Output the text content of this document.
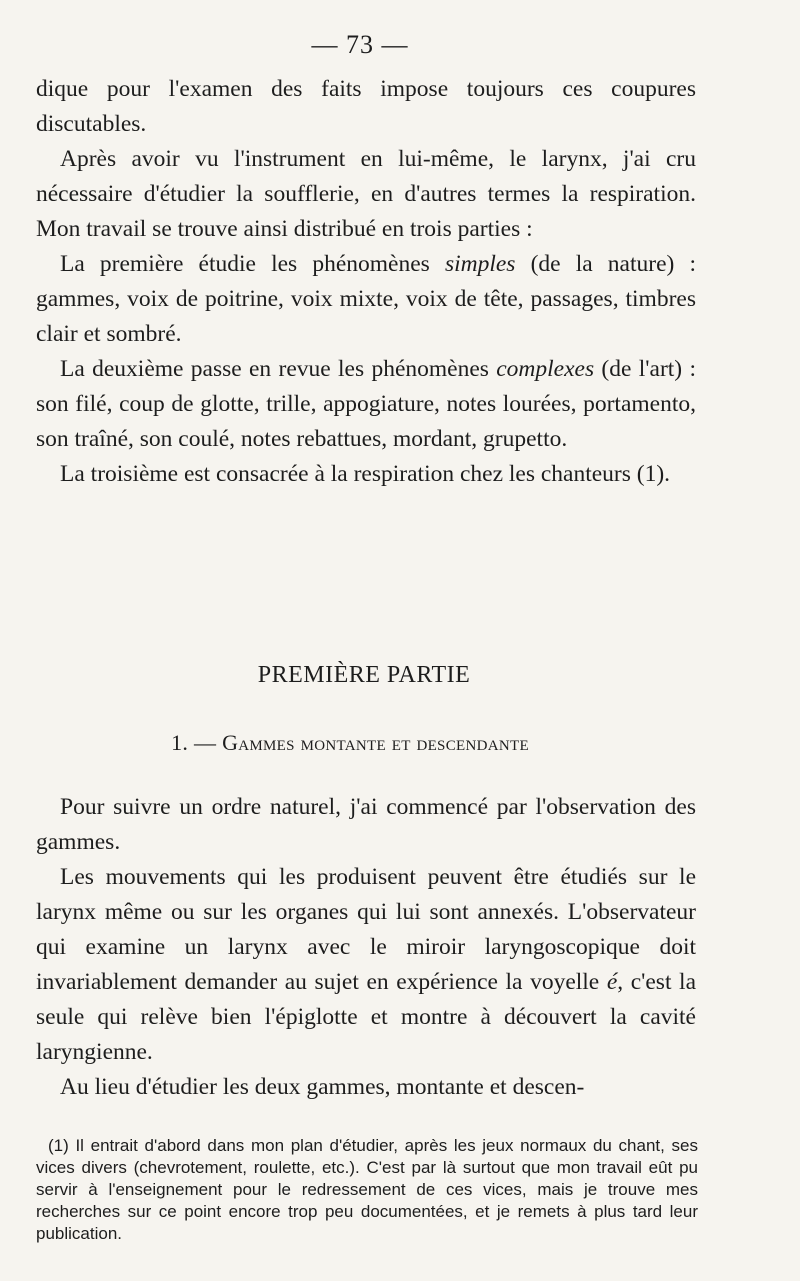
— 73 —

dique pour l'examen des faits impose toujours ces coupures discutables.

Après avoir vu l'instrument en lui-même, le larynx, j'ai cru nécessaire d'étudier la soufflerie, en d'autres termes la respiration. Mon travail se trouve ainsi distribué en trois parties :

La première étudie les phénomènes simples (de la nature) : gammes, voix de poitrine, voix mixte, voix de tête, passages, timbres clair et sombré.

La deuxième passe en revue les phénomènes complexes (de l'art) : son filé, coup de glotte, trille, appogiature, notes lourées, portamento, son traîné, son coulé, notes rebattues, mordant, grupetto.

La troisième est consacrée à la respiration chez les chanteurs (1).

PREMIÈRE PARTIE
1. — Gammes montante et descendante

Pour suivre un ordre naturel, j'ai commencé par l'observation des gammes.

Les mouvements qui les produisent peuvent être étudiés sur le larynx même ou sur les organes qui lui sont annexés. L'observateur qui examine un larynx avec le miroir laryngoscopique doit invariablement demander au sujet en expérience la voyelle é, c'est la seule qui relève bien l'épiglotte et montre à découvert la cavité laryngienne.

Au lieu d'étudier les deux gammes, montante et descen-

(1) Il entrait d'abord dans mon plan d'étudier, après les jeux normaux du chant, ses vices divers (chevrotement, roulette, etc.). C'est par là surtout que mon travail eût pu servir à l'enseignement pour le redressement de ces vices, mais je trouve mes recherches sur ce point encore trop peu documentées, et je remets à plus tard leur publication.
